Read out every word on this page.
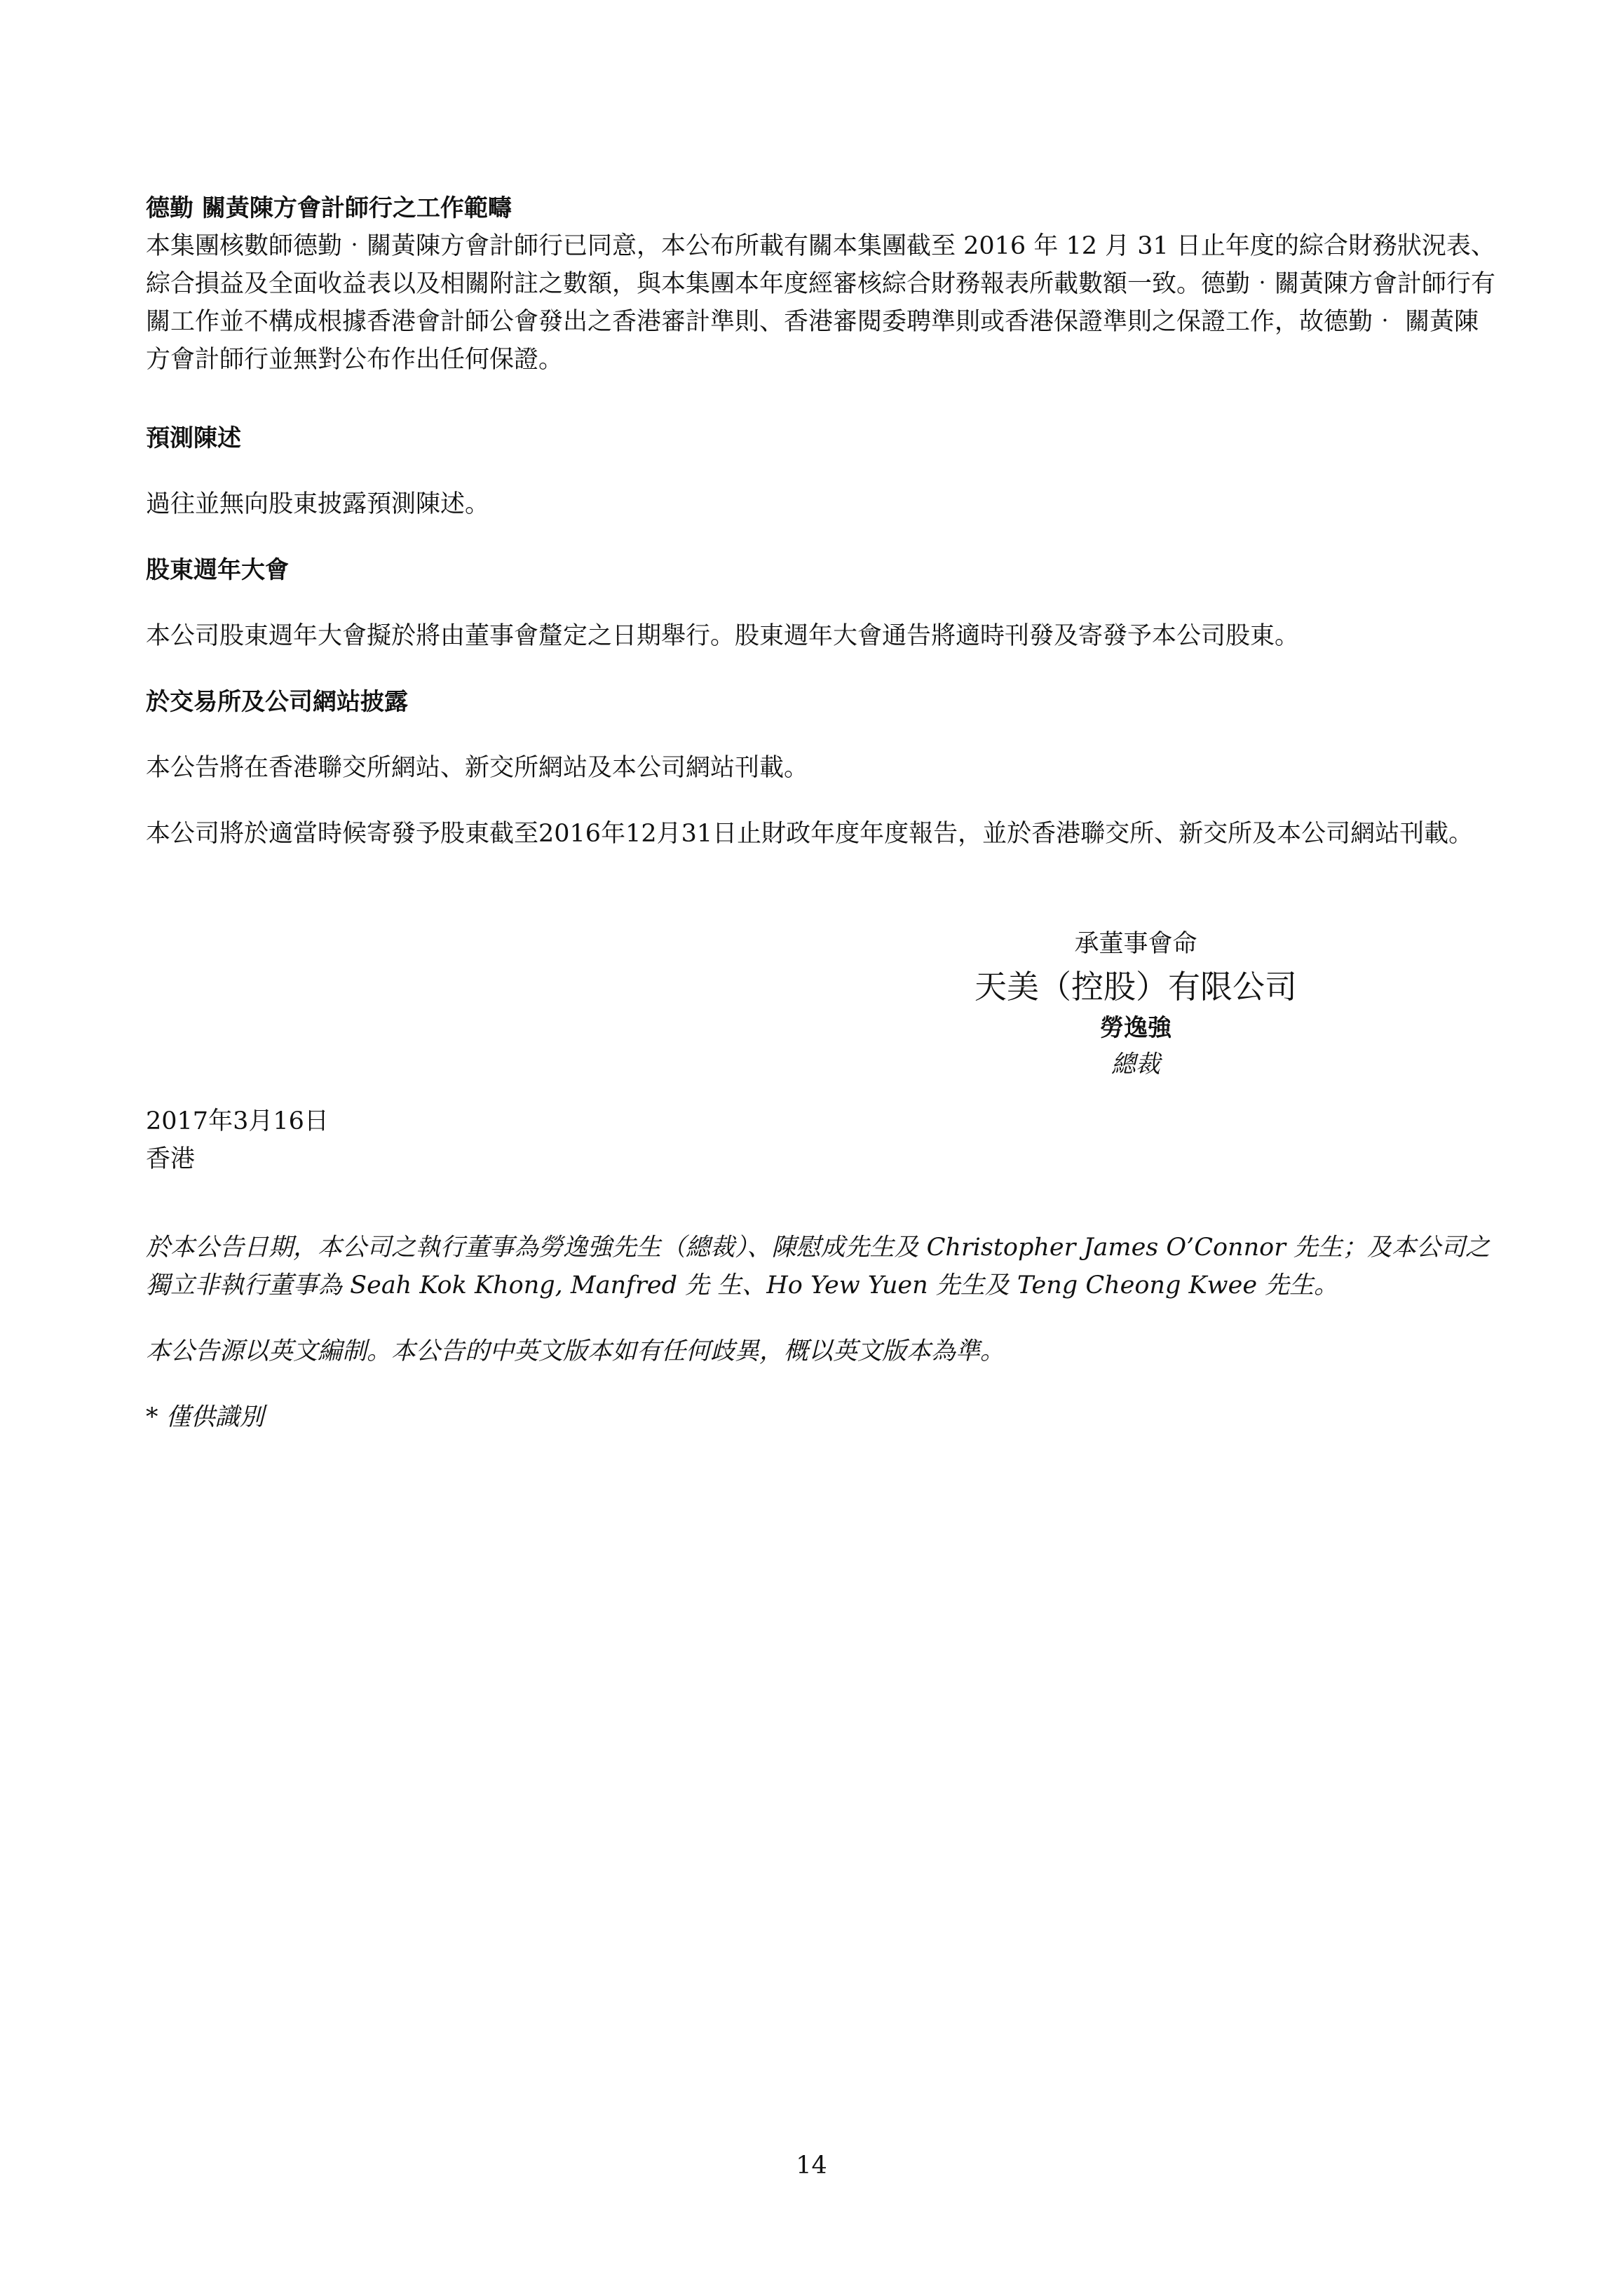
德勤 關黃陳方會計師行之工作範疇

本集團核數師德勤‧關黃陳方會計師行已同意，本公布所載有關本集團截至 2016 年 12 月 31 日止年度的綜合財務狀況表、綜合損益及全面收益表以及相關附註之數額，與本集團本年度經審核綜合財務報表所載數額一致。德勤‧關黃陳方會計師行有關工作並不構成根據香港會計師公會發出之香港審計準則、香港審閱委聘準則或香港保證準則之保證工作，故德勤‧ 關黃陳方會計師行並無對公布作出任何保證。

預測陳述

過往並無向股東披露預測陳述。

股東週年大會

本公司股東週年大會擬於將由董事會釐定之日期舉行。股東週年大會通告將適時刊發及寄發予本公司股東。

於交易所及公司網站披露

本公告將在香港聯交所網站、新交所網站及本公司網站刊載。

本公司將於適當時候寄發予股東截至2016年12月31日止財政年度年度報告，並於香港聯交所、新交所及本公司網站刊載。

承董事會命
天美（控股）有限公司
勞逸強
總裁
2017年3月16日
香港

於本公告日期，本公司之執行董事為勞逸強先生（總裁）、陳慰成先生及 Christopher James O’Connor 先生；及本公司之獨立非執行董事為 Seah Kok Khong, Manfred 先 生、Ho Yew Yuen 先生及 Teng Cheong Kwee 先生。

本公告源以英文編制。本公告的中英文版本如有任何歧異，概以英文版本為準。

* 僅供識別

14
